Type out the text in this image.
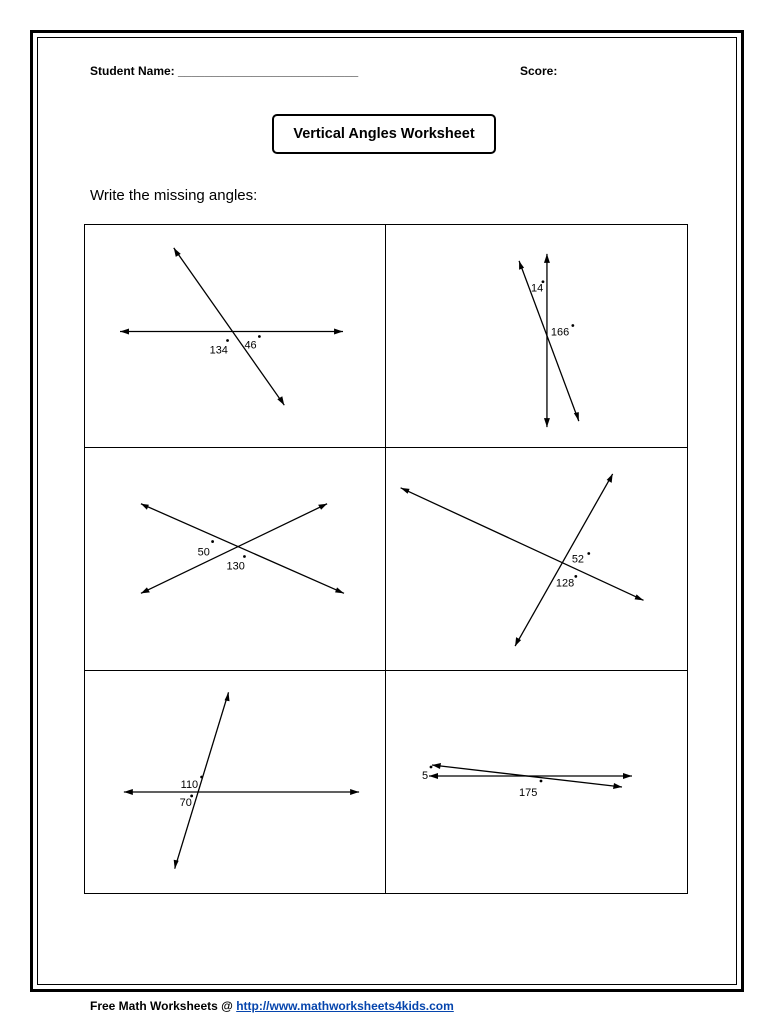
Student Name: ___________________________	Score:
Vertical Angles Worksheet
Write the missing angles:
134 46
14
166
50
130
52
128
110
70
5
175
Free Math Worksheets @ http://www.mathworksheets4kids.com
